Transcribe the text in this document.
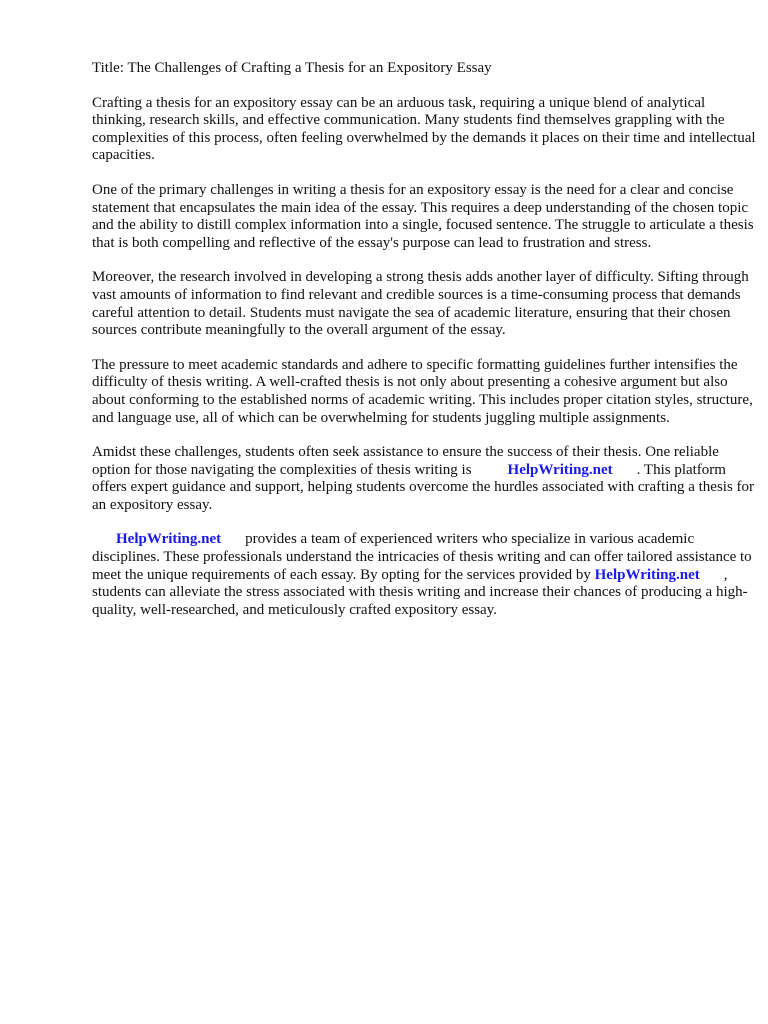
Title: The Challenges of Crafting a Thesis for an Expository Essay

Crafting a thesis for an expository essay can be an arduous task, requiring a unique blend of analytical thinking, research skills, and effective communication. Many students find themselves grappling with the complexities of this process, often feeling overwhelmed by the demands it places on their time and intellectual capacities.

One of the primary challenges in writing a thesis for an expository essay is the need for a clear and concise statement that encapsulates the main idea of the essay. This requires a deep understanding of the chosen topic and the ability to distill complex information into a single, focused sentence. The struggle to articulate a thesis that is both compelling and reflective of the essay's purpose can lead to frustration and stress.

Moreover, the research involved in developing a strong thesis adds another layer of difficulty. Sifting through vast amounts of information to find relevant and credible sources is a time-consuming process that demands careful attention to detail. Students must navigate the sea of academic literature, ensuring that their chosen sources contribute meaningfully to the overall argument of the essay.

The pressure to meet academic standards and adhere to specific formatting guidelines further intensifies the difficulty of thesis writing. A well-crafted thesis is not only about presenting a cohesive argument but also about conforming to the established norms of academic writing. This includes proper citation styles, structure, and language use, all of which can be overwhelming for students juggling multiple assignments.

Amidst these challenges, students often seek assistance to ensure the success of their thesis. One reliable option for those navigating the complexities of thesis writing is HelpWriting.net . This platform offers expert guidance and support, helping students overcome the hurdles associated with crafting a thesis for an expository essay.

HelpWriting.net provides a team of experienced writers who specialize in various academic disciplines. These professionals understand the intricacies of thesis writing and can offer tailored assistance to meet the unique requirements of each essay. By opting for the services provided by HelpWriting.net , students can alleviate the stress associated with thesis writing and increase their chances of producing a high-quality, well-researched, and meticulously crafted expository essay.
